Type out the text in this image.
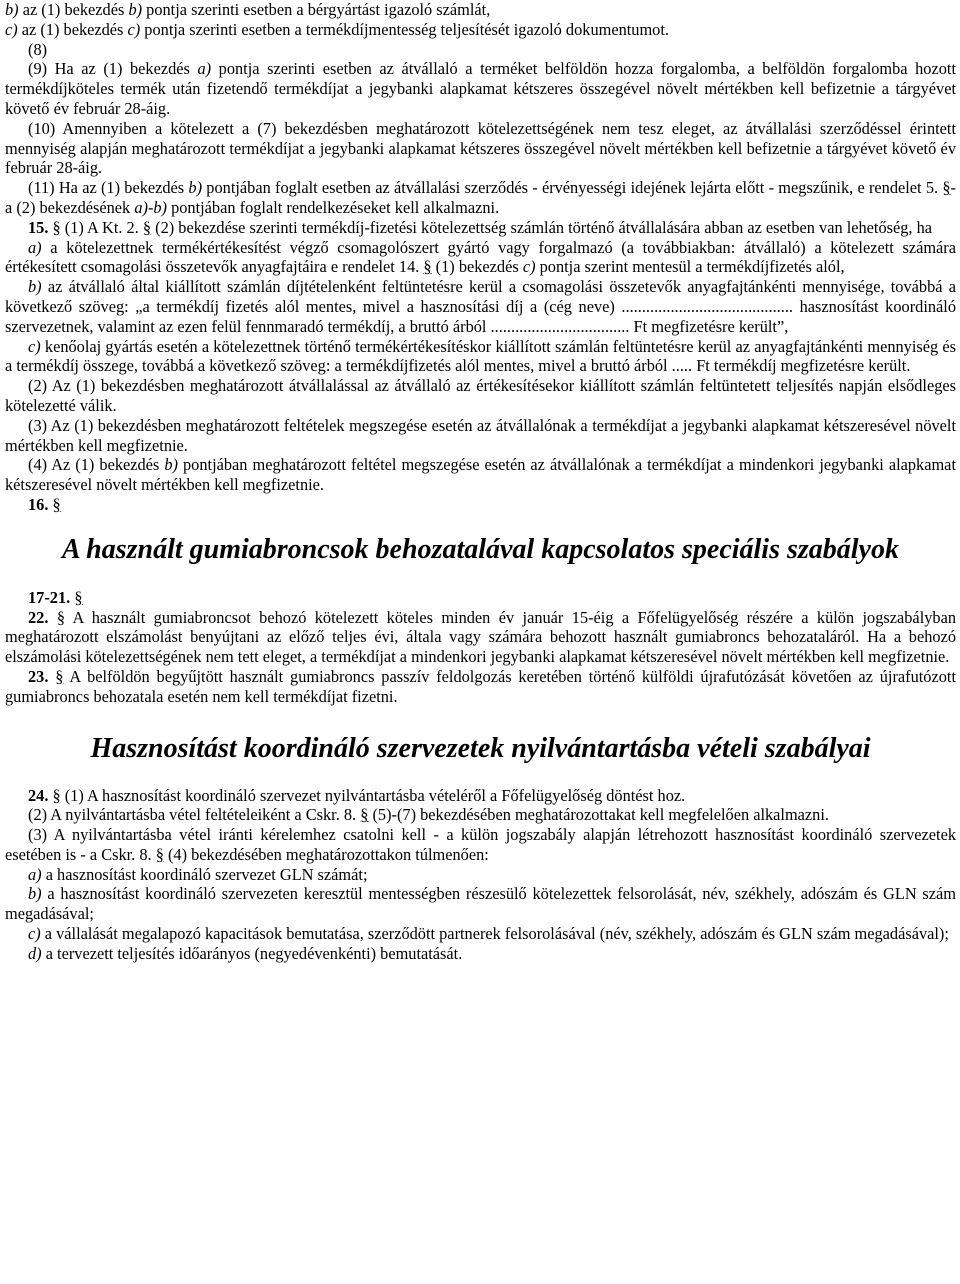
b) az (1) bekezdés b) pontja szerinti esetben a bérgyártást igazoló számlát,

c) az (1) bekezdés c) pontja szerinti esetben a termékdíjmentesség teljesítését igazoló dokumentumot.

(8)

(9) Ha az (1) bekezdés a) pontja szerinti esetben az átvállaló a terméket belföldön hozza forgalomba, a belföldön forgalomba hozott termékdíjköteles termék után fizetendő termékdíjat a jegybanki alapkamat kétszeres összegével növelt mértékben kell befizetnie a tárgyévet követő év február 28-áig.

(10) Amennyiben a kötelezett a (7) bekezdésben meghatározott kötelezettségének nem tesz eleget, az átvállalási szerződéssel érintett mennyiség alapján meghatározott termékdíjat a jegybanki alapkamat kétszeres összegével növelt mértékben kell befizetnie a tárgyévet követő év február 28-áig.

(11) Ha az (1) bekezdés b) pontjában foglalt esetben az átvállalási szerződés - érvényességi idejének lejárta előtt - megszűnik, e rendelet 5. §-a (2) bekezdésének a)-b) pontjában foglalt rendelkezéseket kell alkalmazni.

15. § (1) A Kt. 2. § (2) bekezdése szerinti termékdíj-fizetési kötelezettség számlán történő átvállalására abban az esetben van lehetőség, ha

a) a kötelezettnek termékértékesítést végző csomagolószert gyártó vagy forgalmazó (a továbbiakban: átvállaló) a kötelezett számára értékesített csomagolási összetevők anyagfajtáira e rendelet 14. § (1) bekezdés c) pontja szerint mentesül a termékdíjfizetés alól,

b) az átvállaló által kiállított számlán díjtételenként feltüntetésre kerül a csomagolási összetevők anyagfajtánkénti mennyisége, továbbá a következő szöveg: „a termékdíj fizetés alól mentes, mivel a hasznosítási díj a (cég neve) .......................................... hasznosítást koordináló szervezetnek, valamint az ezen felül fennmaradó termékdíj, a bruttó árból .................................. Ft megfizetésre került”,

c) kenőolaj gyártás esetén a kötelezettnek történő termékértékesítéskor kiállított számlán feltüntetésre kerül az anyagfajtánkénti mennyiség és a termékdíj összege, továbbá a következő szöveg: a termékdíjfizetés alól mentes, mivel a bruttó árból ..... Ft termékdíj megfizetésre került.

(2) Az (1) bekezdésben meghatározott átvállalással az átvállaló az értékesítésekor kiállított számlán feltüntetett teljesítés napján elsődleges kötelezetté válik.

(3) Az (1) bekezdésben meghatározott feltételek megszegése esetén az átvállalónak a termékdíjat a jegybanki alapkamat kétszeresével növelt mértékben kell megfizetnie.

(4) Az (1) bekezdés b) pontjában meghatározott feltétel megszegése esetén az átvállalónak a termékdíjat a mindenkori jegybanki alapkamat kétszeresével növelt mértékben kell megfizetnie.

16. §

A használt gumiabroncsok behozatalával kapcsolatos speciális szabályok

17-21. §

22. § A használt gumiabroncsot behozó kötelezett köteles minden év január 15-éig a Főfelügyelőség részére a külön jogszabályban meghatározott elszámolást benyújtani az előző teljes évi, általa vagy számára behozott használt gumiabroncs behozataláról. Ha a behozó elszámolási kötelezettségének nem tett eleget, a termékdíjat a mindenkori jegybanki alapkamat kétszeresével növelt mértékben kell megfizetnie.

23. § A belföldön begyűjtött használt gumiabroncs passzív feldolgozás keretében történő külföldi újrafutózását követően az újrafutózott gumiabroncs behozatala esetén nem kell termékdíjat fizetni.

Hasznosítást koordináló szervezetek nyilvántartásba vételi szabályai

24. § (1) A hasznosítást koordináló szervezet nyilvántartásba vételéről a Főfelügyelőség döntést hoz.

(2) A nyilvántartásba vétel feltételeiként a Cskr. 8. § (5)-(7) bekezdésében meghatározottakat kell megfelelően alkalmazni.

(3) A nyilvántartásba vétel iránti kérelemhez csatolni kell - a külön jogszabály alapján létrehozott hasznosítást koordináló szervezetek esetében is - a Cskr. 8. § (4) bekezdésében meghatározottakon túlmenően:

a) a hasznosítást koordináló szervezet GLN számát;

b) a hasznosítást koordináló szervezeten keresztül mentességben részesülő kötelezettek felsorolását, név, székhely, adószám és GLN szám megadásával;

c) a vállalását megalapozó kapacitások bemutatása, szerződött partnerek felsorolásával (név, székhely, adószám és GLN szám megadásával);

d) a tervezett teljesítés időarányos (negyedévenkénti) bemutatását.
